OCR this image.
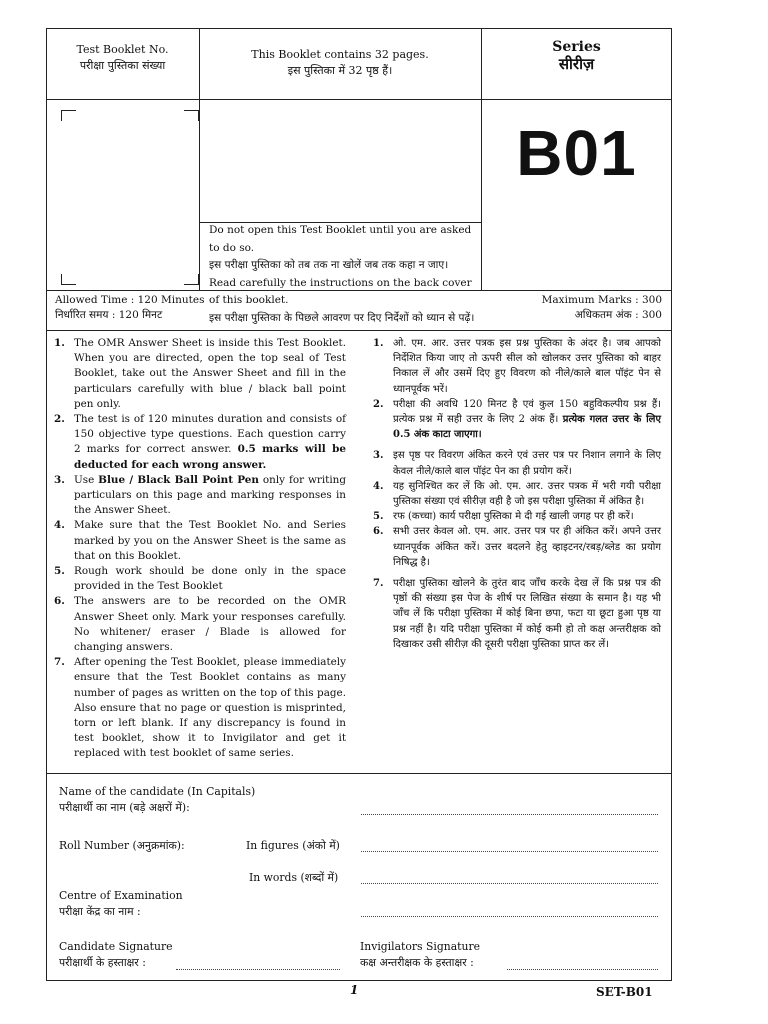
Test Booklet No.
परीक्षा पुस्तिका संख्या
This Booklet contains 32 pages.
इस पुस्तिका में 32 पृष्ठ हैं।
Series
सीरीज़
B01
Do not open this Test Booklet until you are asked to do so.
इस परीक्षा पुस्तिका को तब तक ना खोलें जब तक कहा न जाए।
Read carefully the instructions on the back cover of this booklet.
इस परीक्षा पुस्तिका के पिछले आवरण पर दिए निर्देशों को ध्यान से पढ़ें।
Allowed Time : 120 Minutes
निर्धारित समय : 120 मिनट
Maximum Marks : 300
अधिकतम अंक : 300

1. The OMR Answer Sheet is inside this Test Booklet. When you are directed, open the top seal of Test Booklet, take out the Answer Sheet and fill in the particulars carefully with blue / black ball point pen only.

2. The test is of 120 minutes duration and consists of 150 objective type questions. Each question carry 2 marks for correct answer. 0.5 marks will be deducted for each wrong answer.

3. Use Blue / Black Ball Point Pen only for writing particulars on this page and marking responses in the Answer Sheet.

4. Make sure that the Test Booklet No. and Series marked by you on the Answer Sheet is the same as that on this Booklet.

5. Rough work should be done only in the space provided in the Test Booklet

6. The answers are to be recorded on the OMR Answer Sheet only. Mark your responses carefully. No whitener/ eraser / Blade is allowed for changing answers.

7. After opening the Test Booklet, please immediately ensure that the Test Booklet contains as many number of pages as written on the top of this page. Also ensure that no page or question is misprinted, torn or left blank. If any discrepancy is found in test booklet, show it to Invigilator and get it replaced with test booklet of same series.

1. ओ. एम. आर. उत्तर पत्रक इस प्रश्न पुस्तिका के अंदर है। जब आपको निर्देशित किया जाए तो ऊपरी सील को खोलकर उत्तर पुस्तिका को बाहर निकाल लें और उसमें दिए हुए विवरण को नीले/काले बाल पॉइंट पेन से ध्यानपूर्वक भरें।

2. परीक्षा की अवधि 120 मिनट है एवं कुल 150 बहुविकल्पीय प्रश्न हैं। प्रत्येक प्रश्न में सही उत्तर के लिए 2 अंक हैं। प्रत्येक गलत उत्तर के लिए 0.5 अंक काटा जाएगा।

3. इस पृष्ठ पर विवरण अंकित करने एवं उत्तर पत्र पर निशान लगाने के लिए केवल नीले/काले बाल पॉइंट पेन का ही प्रयोग करें।

4. यह सुनिश्चित कर लें कि ओ. एम. आर. उत्तर पत्रक में भरी गयी परीक्षा पुस्तिका संख्या एवं सीरीज़ वही है जो इस परीक्षा पुस्तिका में अंकित है।

5. रफ (कच्चा) कार्य परीक्षा पुस्तिका मे दी गई खाली जगह पर ही करें।

6. सभी उत्तर केवल ओ. एम. आर. उत्तर पत्र पर ही अंकित करें। अपने उत्तर ध्यानपूर्वक अंकित करें। उत्तर बदलने हेतु व्हाइटनर/रबड़/ब्लेड का प्रयोग निषिद्ध है।

7. परीक्षा पुस्तिका खोलने के तुरंत बाद जाँच करके देख लें कि प्रश्न पत्र की पृष्ठों की संख्या इस पेज के शीर्ष पर लिखित संख्या के समान है। यह भी जाँच लें कि परीक्षा पुस्तिका में कोई बिना छपा, फटा या छूटा हुआ पृष्ठ या प्रश्न नहीं है। यदि परीक्षा पुस्तिका में कोई कमी हो तो कक्ष अन्तरीक्षक को दिखाकर उसी सीरीज़ की दूसरी परीक्षा पुस्तिका प्राप्त कर लें।

Name of the candidate (In Capitals)
परीक्षार्थी का नाम (बड़े अक्षरों में):
Roll Number (अनुक्रमांक):	In figures (अंको में)
In words (शब्दों में)
Centre of Examination
परीक्षा केंद्र का नाम :
Candidate Signature
परीक्षार्थी के हस्ताक्षर :
Invigilators Signature
कक्ष अन्तरीक्षक के हस्ताक्षर :
1	SET-B01
